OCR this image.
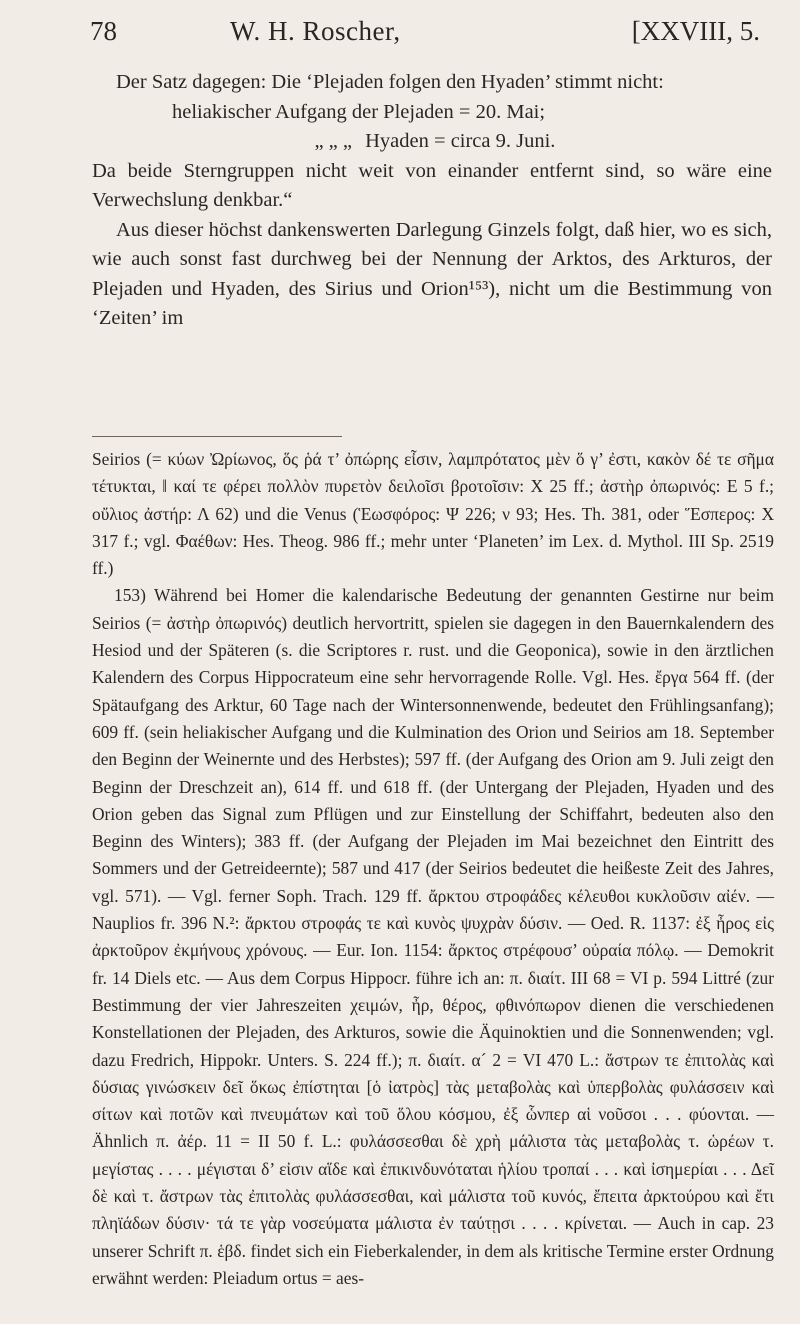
78	W. H. Roscher,	[XXVIII, 5.

Der Satz dagegen: Die ‘Plejaden folgen den Hyaden’ stimmt nicht:

heliakischer Aufgang der Plejaden = 20. Mai;

„ „ „ Hyaden = circa 9. Juni.

Da beide Sterngruppen nicht weit von einander entfernt sind, so wäre eine Verwechslung denkbar.“

Aus dieser höchst dankenswerten Darlegung Ginzels folgt, daß hier, wo es sich, wie auch sonst fast durchweg bei der Nennung der Arktos, des Arkturos, der Plejaden und Hyaden, des Sirius und Orion¹⁵³), nicht um die Bestimmung von ‘Zeiten’ im

Seirios (= κύων Ὠρίωνος, ὅς ῥά τ’ ὀπώρης εἶσιν, λαμπρότατος μὲν ὅ γ’ ἐστι, κακὸν δέ τε σῆμα τέτυκται, ‖ καί τε φέρει πολλὸν πυρετὸν δειλοῖσι βροτοῖσιν: Χ 25 ff.; ἀστὴρ ὀπωρινός: Ε 5 f.; οὔλιος ἀστήρ: Λ 62) und die Venus (Ἑωσφόρος: Ψ 226; ν 93; Hes. Th. 381, oder Ἕσπερος: Χ 317 f.; vgl. Φαέθων: Hes. Theog. 986 ff.; mehr unter ‘Planeten’ im Lex. d. Mythol. III Sp. 2519 ff.)

153) Während bei Homer die kalendarische Bedeutung der genannten Gestirne nur beim Seirios (= ἀστὴρ ὀπωρινός) deutlich hervortritt, spielen sie dagegen in den Bauernkalendern des Hesiod und der Späteren (s. die Scriptores r. rust. und die Geoponica), sowie in den ärztlichen Kalendern des Corpus Hippocrateum eine sehr hervorragende Rolle. Vgl. Hes. ἔργα 564 ff. (der Spätaufgang des Arktur, 60 Tage nach der Wintersonnenwende, bedeutet den Frühlingsanfang); 609 ff. (sein heliakischer Aufgang und die Kulmination des Orion und Seirios am 18. September den Beginn der Weinernte und des Herbstes); 597 ff. (der Aufgang des Orion am 9. Juli zeigt den Beginn der Dreschzeit an), 614 ff. und 618 ff. (der Untergang der Plejaden, Hyaden und des Orion geben das Signal zum Pflügen und zur Einstellung der Schiffahrt, bedeuten also den Beginn des Winters); 383 ff. (der Aufgang der Plejaden im Mai bezeichnet den Eintritt des Sommers und der Getreideernte); 587 und 417 (der Seirios bedeutet die heißeste Zeit des Jahres, vgl. 571). — Vgl. ferner Soph. Trach. 129 ff. ἄρκτου στροφάδες κέλευθοι κυκλοῦσιν αἰέν. — Nauplios fr. 396 N.²: ἄρκτου στροφάς τε καὶ κυνὸς ψυχρὰν δύσιν. — Oed. R. 1137: ἐξ ἦρος εἰς ἀρκτοῦρον ἐκμήνους χρόνους. — Eur. Ion. 1154: ἄρκτος στρέφουσ’ οὐραία πόλῳ. — Demokrit fr. 14 Diels etc. — Aus dem Corpus Hippocr. führe ich an: π. διαίτ. III 68 = VI p. 594 Littré (zur Bestimmung der vier Jahreszeiten χειμών, ἦρ, θέρος, φθινόπωρον dienen die verschiedenen Konstellationen der Plejaden, des Arkturos, sowie die Äquinoktien und die Sonnenwenden; vgl. dazu Fredrich, Hippokr. Unters. S. 224 ff.); π. διαίτ. α´ 2 = VI 470 L.: ἄστρων τε ἐπιτολὰς καὶ δύσιας γινώσκειν δεῖ ὅκως ἐπίστηται [ὁ ἰατρὸς] τὰς μεταβολὰς καὶ ὑπερβολὰς φυλάσσειν καὶ σίτων καὶ ποτῶν καὶ πνευμάτων καὶ τοῦ ὅλου κόσμου, ἐξ ὧνπερ αἱ νοῦσοι . . . φύονται. — Ähnlich π. ἀέρ. 11 = II 50 f. L.: φυλάσσεσθαι δὲ χρὴ μάλιστα τὰς μεταβολὰς τ. ὡρέων τ. μεγίστας . . . . μέγισται δ’ εἰσιν αἵδε καὶ ἐπικινδυνόταται ἡλίου τροπαί . . . καὶ ἰσημερίαι . . . Δεῖ δὲ καὶ τ. ἄστρων τὰς ἐπιτολὰς φυλάσσεσθαι, καὶ μάλιστα τοῦ κυνός, ἔπειτα ἀρκτούρου καὶ ἔτι πληϊάδων δύσιν· τά τε γὰρ νοσεύματα μάλιστα ἐν ταύτῃσι . . . . κρίνεται. — Auch in cap. 23 unserer Schrift π. ἑβδ. findet sich ein Fieberkalender, in dem als kritische Termine erster Ordnung erwähnt werden: Pleiadum ortus = aes-
